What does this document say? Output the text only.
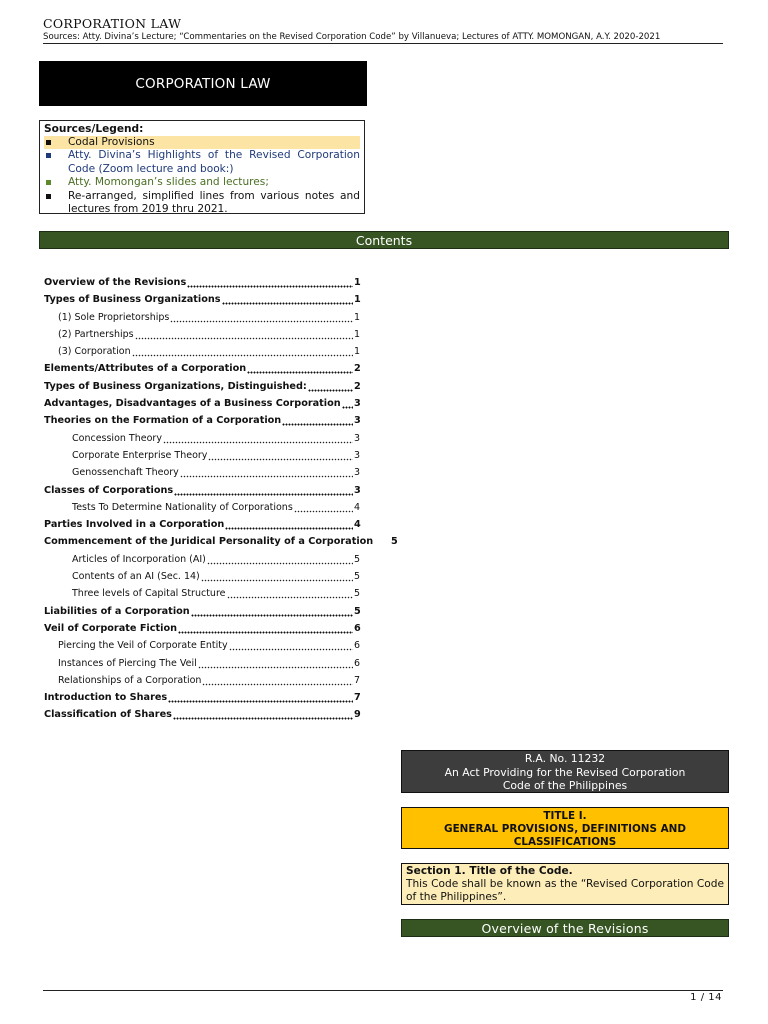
CORPORATION LAW
Sources: Atty. Divina’s Lecture; “Commentaries on the Revised Corporation Code” by Villanueva; Lectures of ATTY. MOMONGAN, A.Y. 2020-2021
CORPORATION LAW
Sources/Legend:
Codal Provisions
Atty. Divina’s Highlights of the Revised Corporation Code (Zoom lecture and book:)
Atty. Momongan’s slides and lectures;
Re-arranged, simplified lines from various notes and lectures from 2019 thru 2021.
Contents
Overview of the Revisions	1
Types of Business Organizations	1
(1) Sole Proprietorships	1
(2) Partnerships	1
(3) Corporation	1
Elements/Attributes of a Corporation	2
Types of Business Organizations, Distinguished:	2
Advantages, Disadvantages of a Business Corporation 3
Theories on the Formation of a Corporation	3
Concession Theory	3
Corporate Enterprise Theory	3
Genossenchaft Theory	3
Classes of Corporations	3
Tests To Determine Nationality of Corporations	4
Parties Involved in a Corporation	4
Commencement of the Juridical Personality of a Corporation 5
Articles of Incorporation (AI)	5
Contents of an AI (Sec. 14)	5
Three levels of Capital Structure	5
Liabilities of a Corporation	5
Veil of Corporate Fiction	6
Piercing the Veil of Corporate Entity	6
Instances of Piercing The Veil	6
Relationships of a Corporation	7
Introduction to Shares	7
Classification of Shares	9
R.A. No. 11232
An Act Providing for the Revised Corporation
Code of the Philippines
TITLE I.
GENERAL PROVISIONS, DEFINITIONS AND
CLASSIFICATIONS
Section 1. Title of the Code.
This Code shall be known as the “Revised Corporation Code of the Philippines”.
Overview of the Revisions
1 / 14
